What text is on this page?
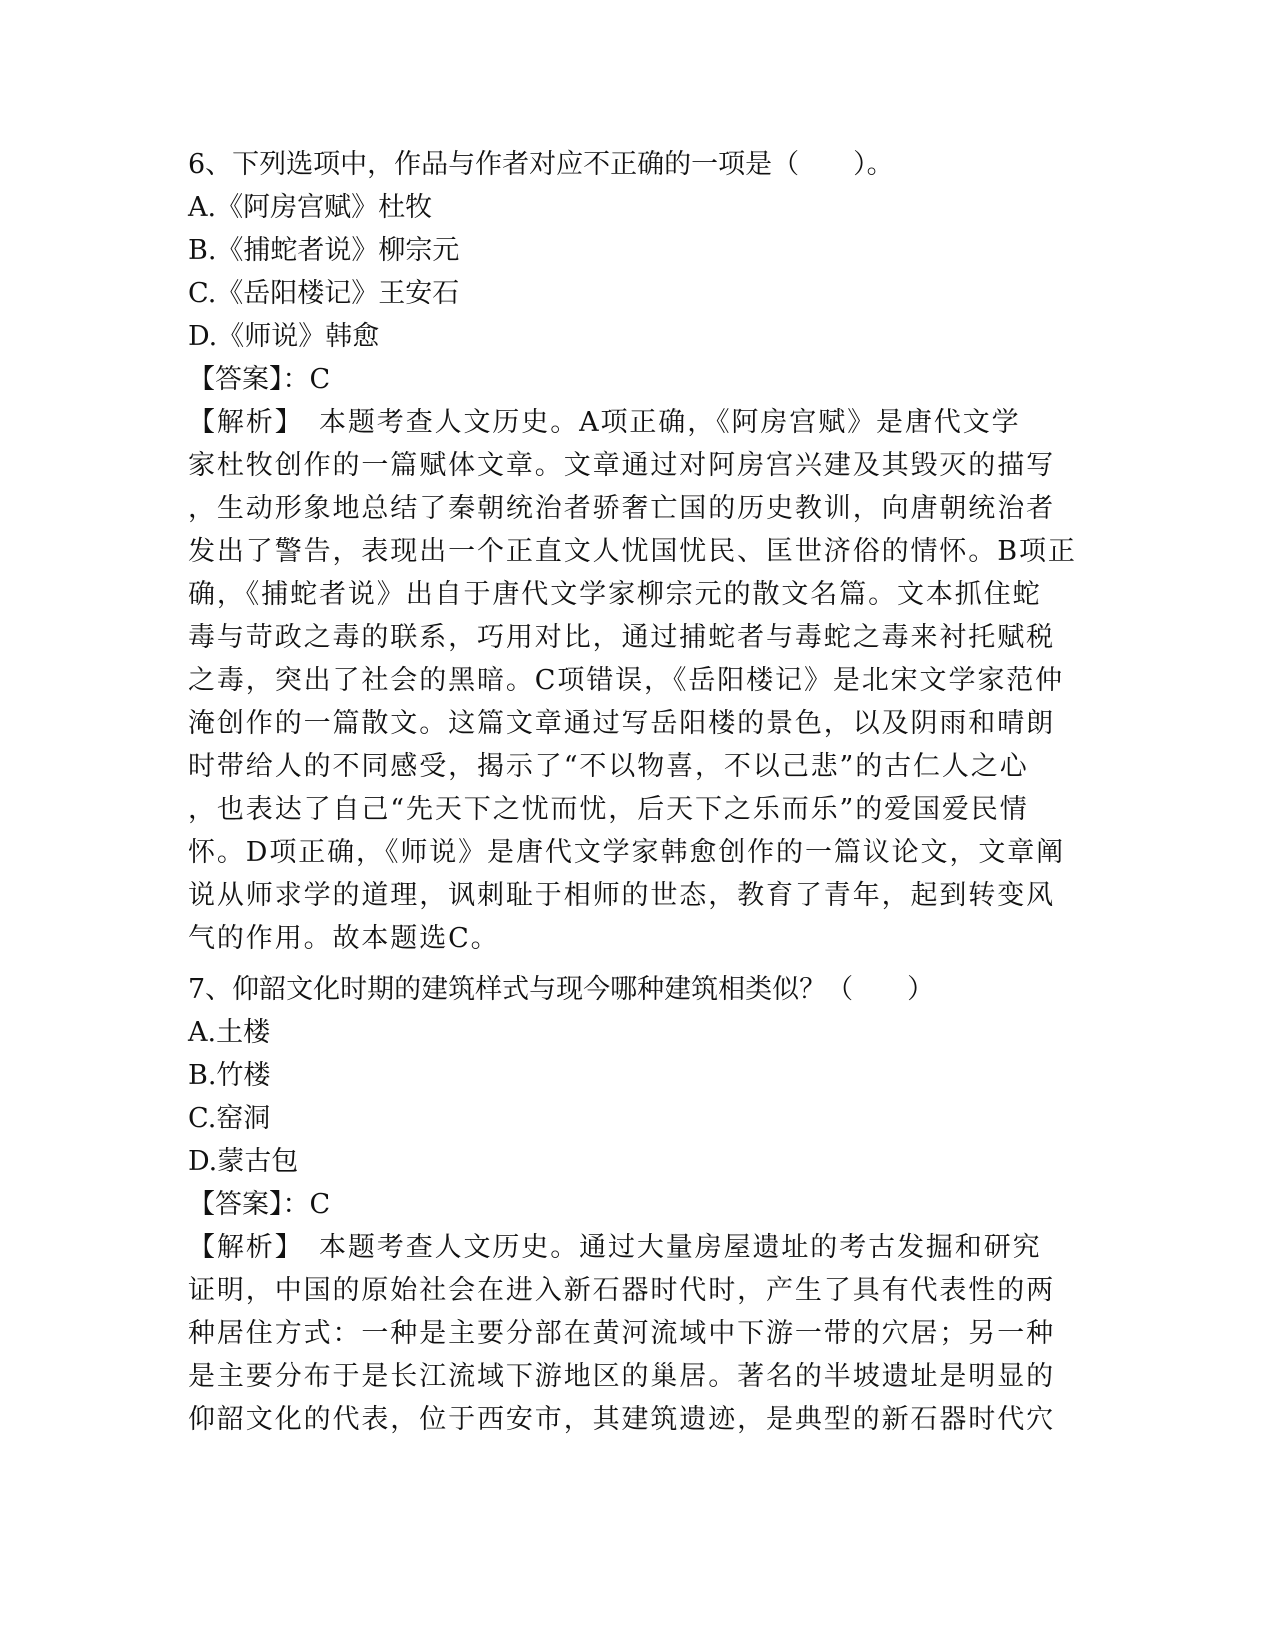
6、下列选项中，作品与作者对应不正确的一项是（　　）。
A.《阿房宫赋》杜牧
B.《捕蛇者说》柳宗元
C.《岳阳楼记》王安石
D.《师说》韩愈
【答案】：C
【解析】　本题考查人文历史。A项正确，《阿房宫赋》是唐代文学
家杜牧创作的一篇赋体文章。文章通过对阿房宫兴建及其毁灭的描写
，生动形象地总结了秦朝统治者骄奢亡国的历史教训，向唐朝统治者
发出了警告，表现出一个正直文人忧国忧民、匡世济俗的情怀。B项正
确，《捕蛇者说》出自于唐代文学家柳宗元的散文名篇。文本抓住蛇
毒与苛政之毒的联系，巧用对比，通过捕蛇者与毒蛇之毒来衬托赋税
之毒，突出了社会的黑暗。C项错误，《岳阳楼记》是北宋文学家范仲
淹创作的一篇散文。这篇文章通过写岳阳楼的景色，以及阴雨和晴朗
时带给人的不同感受，揭示了“不以物喜，不以己悲”的古仁人之心
，也表达了自己“先天下之忧而忧，后天下之乐而乐”的爱国爱民情
怀。D项正确，《师说》是唐代文学家韩愈创作的一篇议论文，文章阐
说从师求学的道理，讽刺耻于相师的世态，教育了青年，起到转变风
气的作用。故本题选C。
7、仰韶文化时期的建筑样式与现今哪种建筑相类似？（　　）
A.土楼
B.竹楼
C.窑洞
D.蒙古包
【答案】：C
【解析】　本题考查人文历史。通过大量房屋遗址的考古发掘和研究
证明，中国的原始社会在进入新石器时代时，产生了具有代表性的两
种居住方式：一种是主要分部在黄河流域中下游一带的穴居；另一种
是主要分布于是长江流域下游地区的巢居。著名的半坡遗址是明显的
仰韶文化的代表，位于西安市，其建筑遗迹，是典型的新石器时代穴
